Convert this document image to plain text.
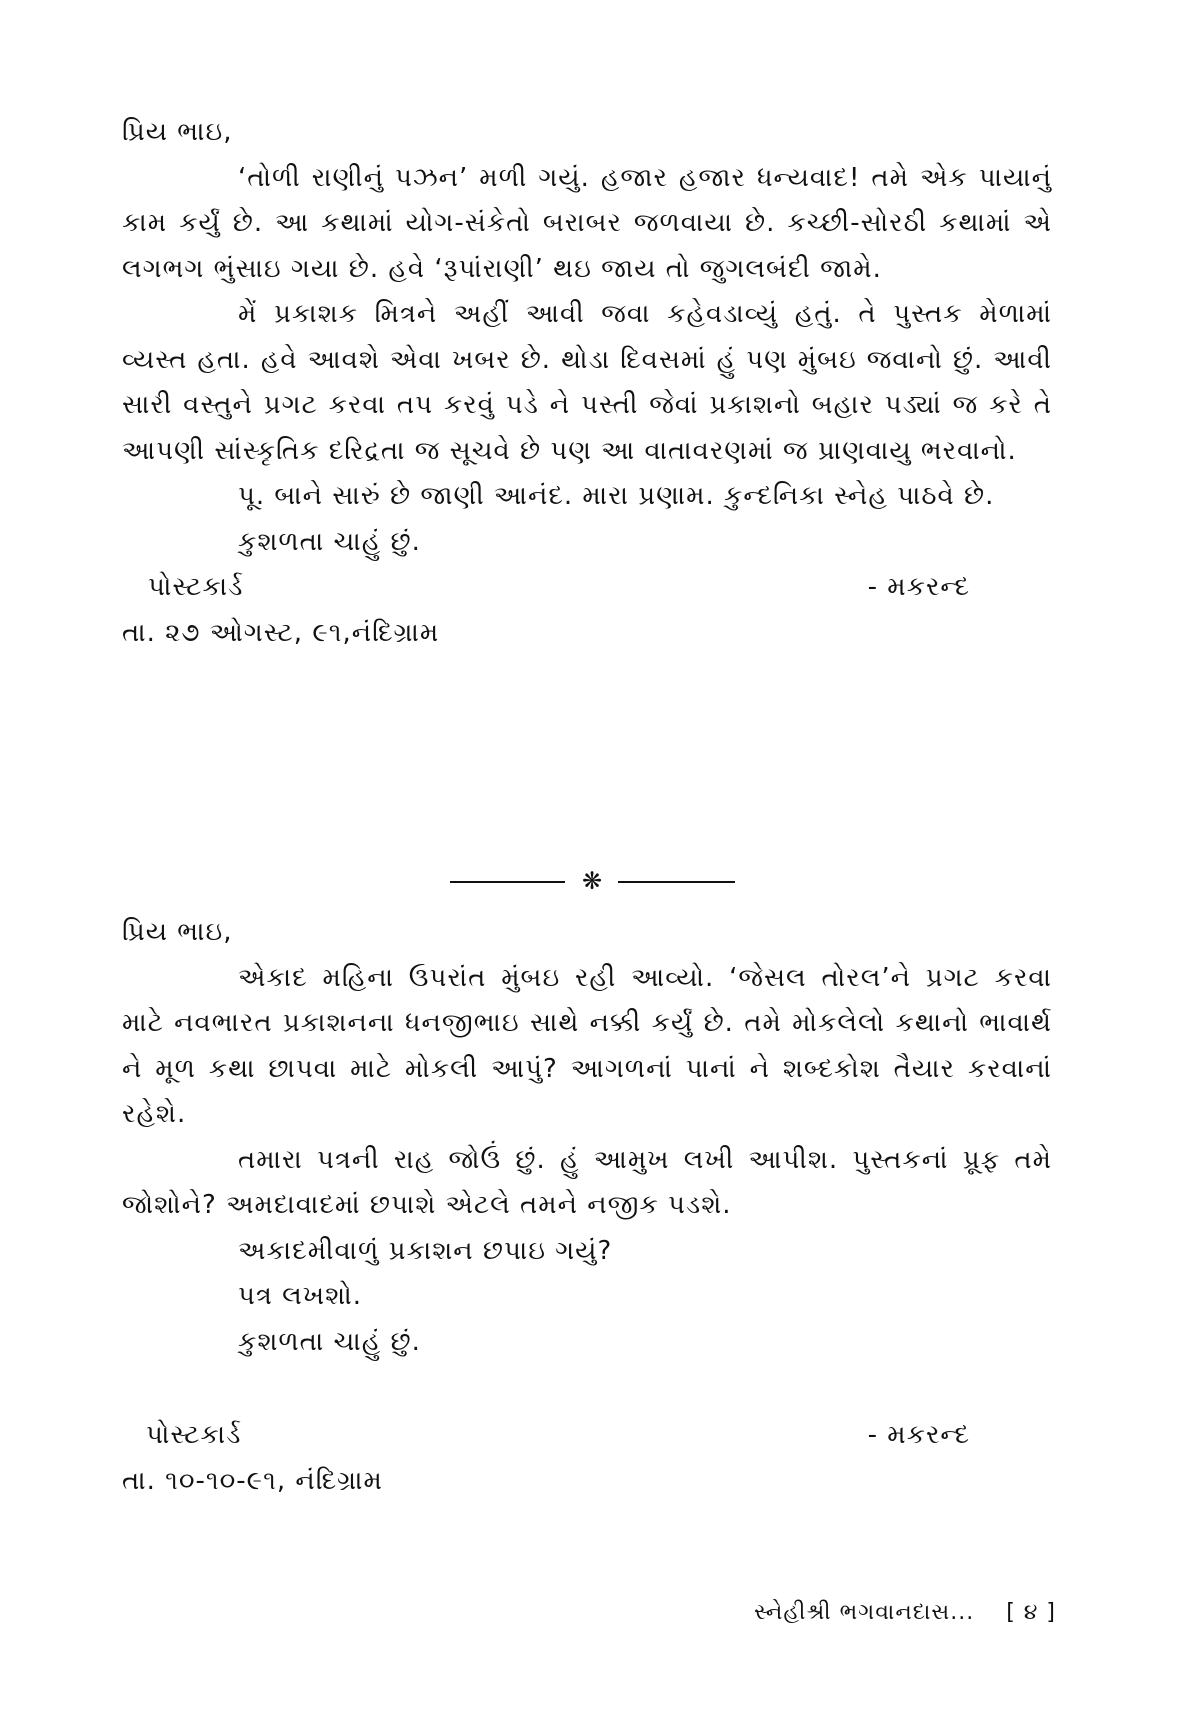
પ્રિય ભાઇ,

‘તોળી રાણીનું પઝન’ મળી ગયું. હજાર હજાર ધન્યવાદ! તમે એક પાયાનું કામ કર્યું છે. આ કથામાં યોગ-સંકેતો બરાબર જળવાયા છે. કચ્છી-સોરઠી કથામાં એ લગભગ ભુંસાઇ ગયા છે. હવે ‘રૂપાંરાણી’ થઇ જાય તો જુગલબંદી જામે.

મેં પ્રકાશક મિત્રને અહીં આવી જવા કહેવડાવ્યું હતું. તે પુસ્તક મેળામાં વ્યસ્ત હતા. હવે આવશે એવા ખબર છે. થોડા દિવસમાં હું પણ મુંબઇ જવાનો છું. આવી સારી વસ્તુને પ્રગટ કરવા તપ કરવું પડે ને પસ્તી જેવાં પ્રકાશનો બહાર પડ્યાં જ કરે તે આપણી સાંસ્કૃતિક દરિદ્રતા જ સૂચવે છે પણ આ વાતાવરણમાં જ પ્રાણવાયુ ભરવાનો.

પૂ. બાને સારું છે જાણી આનંદ. મારા પ્રણામ. કુન્દનિકા સ્નેહ પાઠવે છે.

કુશળતા ચાહું છું.

પોસ્ટકાર્ડ	- મકરન્દ

તા. ૨૭ ઓગસ્ટ, ૯૧,નંદિગ્રામ

❋

પ્રિય ભાઇ,

એકાદ મહિના ઉપરાંત મુંબઇ રહી આવ્યો. ‘જેસલ તોરલ’ને પ્રગટ કરવા માટે નવભારત પ્રકાશનના ધનજીભાઇ સાથે નક્કી કર્યું છે. તમે મોકલેલો કથાનો ભાવાર્થ ને મૂળ કથા છાપવા માટે મોકલી આપું? આગળનાં પાનાં ને શબ્દકોશ તૈયાર કરવાનાં રહેશે.

તમારા પત્રની રાહ જોઉં છું. હું આમુખ લખી આપીશ. પુસ્તકનાં પ્રૂફ તમે જોશોને? અમદાવાદમાં છપાશે એટલે તમને નજીક પડશે.

અકાદમીવાળું પ્રકાશન છપાઇ ગયું?

પત્ર લખશો.

કુશળતા ચાહું છું.

પોસ્ટકાર્ડ	- મકરન્દ

તા. ૧૦-૧૦-૯૧, નંદિગ્રામ

સ્નેહીશ્રી ભગવાનદાસ... [ ૪ ]
